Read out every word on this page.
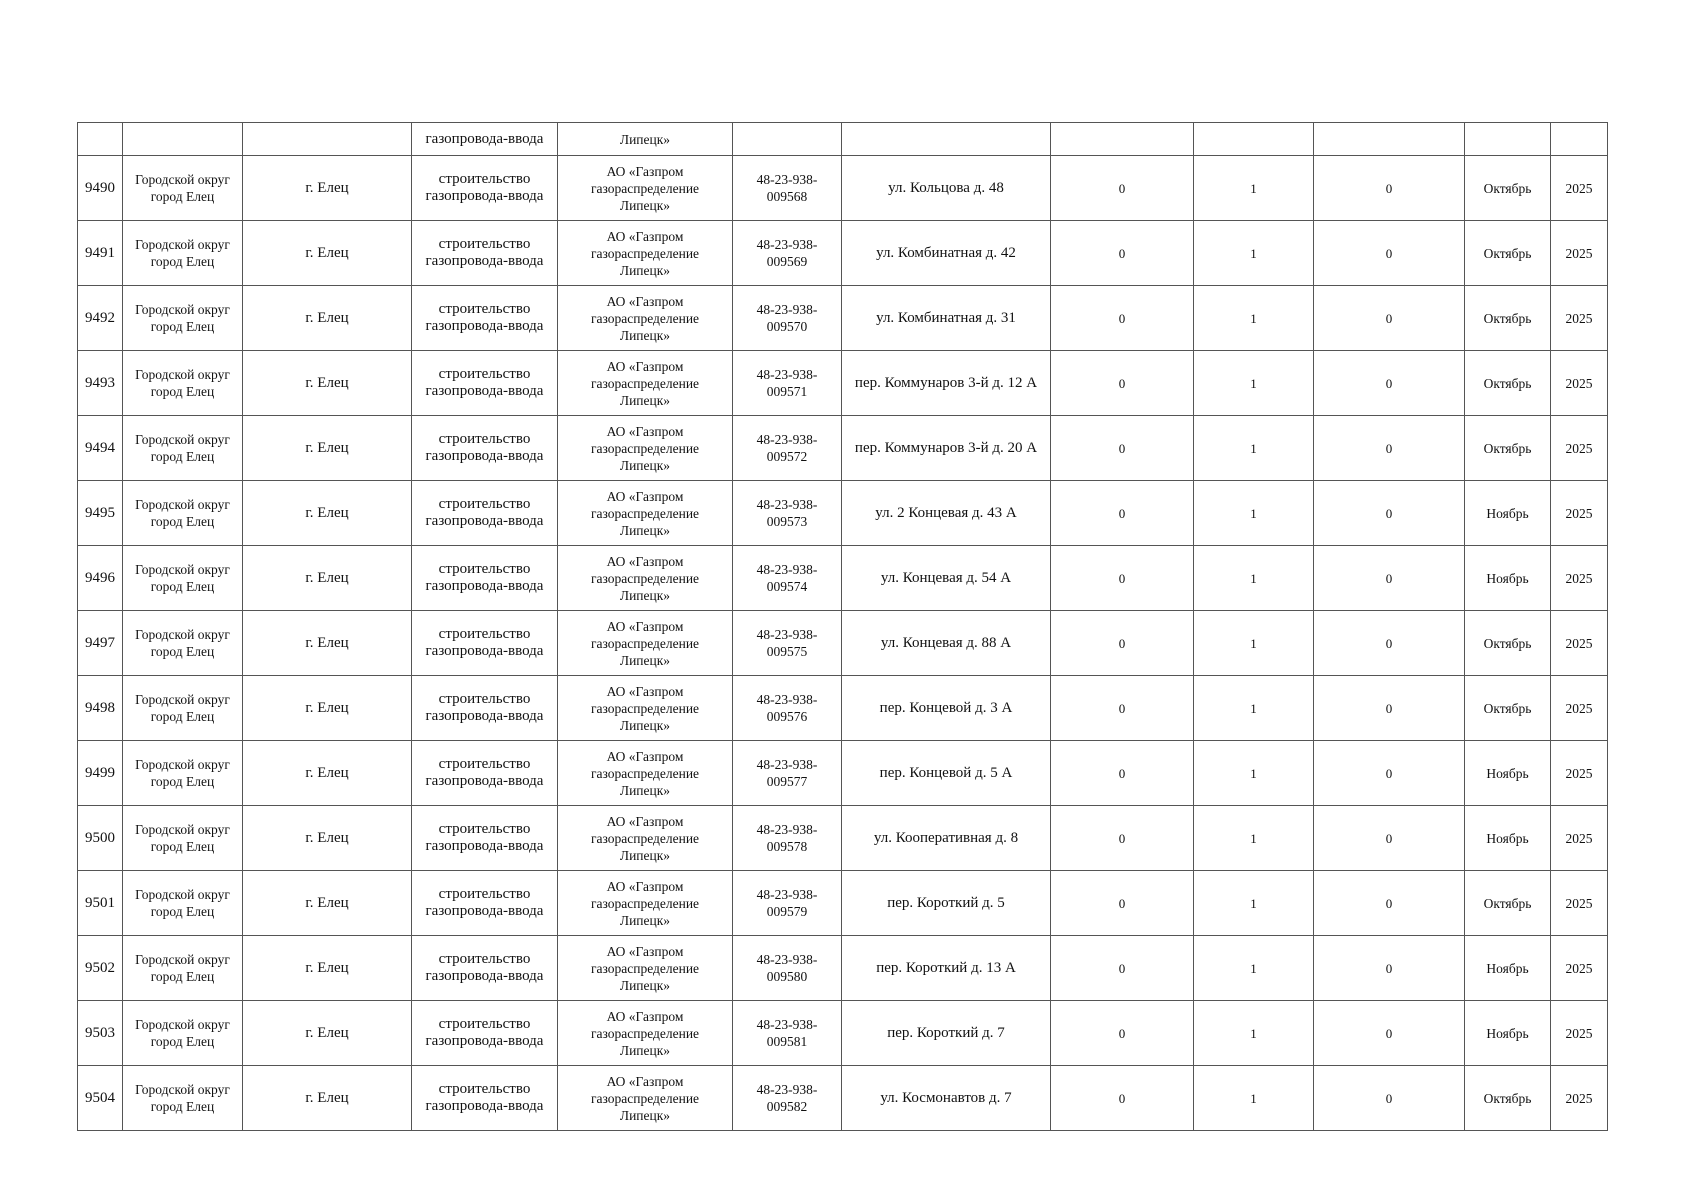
			газопровода-ввода	Липецк»							
9490	Городской округ
город Елец	г. Елец	строительство
газопровода-ввода	АО «Газпром
газораспределение
Липецк»	48-23-938-
009568	ул. Кольцова д. 48	0	1	0	Октябрь	2025
9491	Городской округ
город Елец	г. Елец	строительство
газопровода-ввода	АО «Газпром
газораспределение
Липецк»	48-23-938-
009569	ул. Комбинатная д. 42	0	1	0	Октябрь	2025
9492	Городской округ
город Елец	г. Елец	строительство
газопровода-ввода	АО «Газпром
газораспределение
Липецк»	48-23-938-
009570	ул. Комбинатная д. 31	0	1	0	Октябрь	2025
9493	Городской округ
город Елец	г. Елец	строительство
газопровода-ввода	АО «Газпром
газораспределение
Липецк»	48-23-938-
009571	пер. Коммунаров 3-й д. 12 А	0	1	0	Октябрь	2025
9494	Городской округ
город Елец	г. Елец	строительство
газопровода-ввода	АО «Газпром
газораспределение
Липецк»	48-23-938-
009572	пер. Коммунаров 3-й д. 20 А	0	1	0	Октябрь	2025
9495	Городской округ
город Елец	г. Елец	строительство
газопровода-ввода	АО «Газпром
газораспределение
Липецк»	48-23-938-
009573	ул. 2 Концевая д. 43 А	0	1	0	Ноябрь	2025
9496	Городской округ
город Елец	г. Елец	строительство
газопровода-ввода	АО «Газпром
газораспределение
Липецк»	48-23-938-
009574	ул. Концевая д. 54 А	0	1	0	Ноябрь	2025
9497	Городской округ
город Елец	г. Елец	строительство
газопровода-ввода	АО «Газпром
газораспределение
Липецк»	48-23-938-
009575	ул. Концевая д. 88 А	0	1	0	Октябрь	2025
9498	Городской округ
город Елец	г. Елец	строительство
газопровода-ввода	АО «Газпром
газораспределение
Липецк»	48-23-938-
009576	пер. Концевой д. 3 А	0	1	0	Октябрь	2025
9499	Городской округ
город Елец	г. Елец	строительство
газопровода-ввода	АО «Газпром
газораспределение
Липецк»	48-23-938-
009577	пер. Концевой д. 5 А	0	1	0	Ноябрь	2025
9500	Городской округ
город Елец	г. Елец	строительство
газопровода-ввода	АО «Газпром
газораспределение
Липецк»	48-23-938-
009578	ул. Кооперативная д. 8	0	1	0	Ноябрь	2025
9501	Городской округ
город Елец	г. Елец	строительство
газопровода-ввода	АО «Газпром
газораспределение
Липецк»	48-23-938-
009579	пер. Короткий д. 5	0	1	0	Октябрь	2025
9502	Городской округ
город Елец	г. Елец	строительство
газопровода-ввода	АО «Газпром
газораспределение
Липецк»	48-23-938-
009580	пер. Короткий д. 13 А	0	1	0	Ноябрь	2025
9503	Городской округ
город Елец	г. Елец	строительство
газопровода-ввода	АО «Газпром
газораспределение
Липецк»	48-23-938-
009581	пер. Короткий д. 7	0	1	0	Ноябрь	2025
9504	Городской округ
город Елец	г. Елец	строительство
газопровода-ввода	АО «Газпром
газораспределение
Липецк»	48-23-938-
009582	ул. Космонавтов д. 7	0	1	0	Октябрь	2025
